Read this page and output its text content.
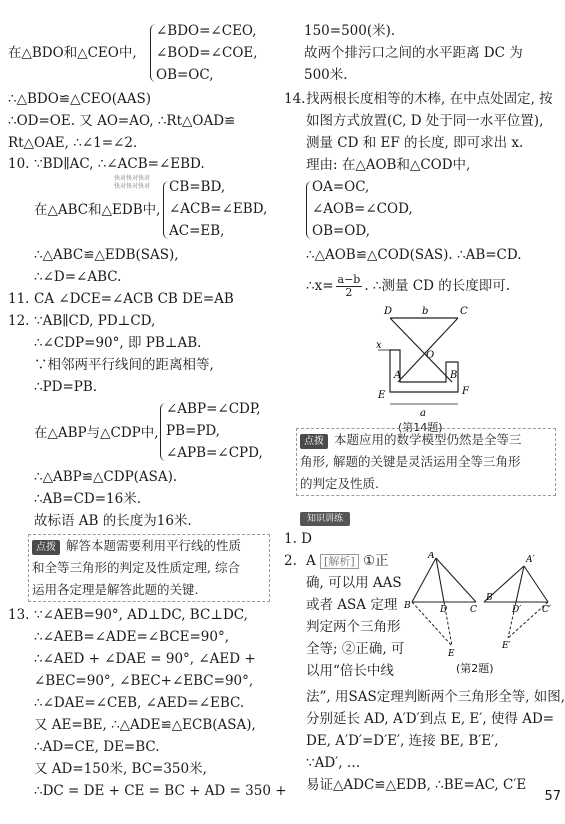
在△BDO和△CEO中,
∠BDO=∠CEO,
∠BOD=∠COE,
OB=OC,
∴△BDO≌△CEO(AAS)
∴OD=OE. 又 AO=AO, ∴Rt△OAD≌
Rt△OAE, ∴∠1=∠2.
10. ∵BD∥AC, ∴∠ACB=∠EBD.
快对快对快对
快对快对快对
在△ABC和△EDB中,
CB=BD,
∠ACB=∠EBD,
AC=EB,
∴△ABC≌△EDB(SAS),
∴∠D=∠ABC.
11. CA ∠DCE=∠ACB CB DE=AB
12. ∵AB∥CD, PD⊥CD,
∴∠CDP=90°, 即 PB⊥AB.
∵相邻两平行线间的距离相等,
∴PD=PB.
在△ABP与△CDP中,
∠ABP=∠CDP,
PB=PD,
∠APB=∠CPD,
∴△ABP≌△CDP(ASA).
∴AB=CD=16米.
故标语 AB 的长度为16米.
点拨 解答本题需要利用平行线的性质
和全等三角形的判定及性质定理, 综合
运用各定理是解答此题的关键.
13. ∵∠AEB=90°, AD⊥DC, BC⊥DC,
∴∠AEB=∠ADE=∠BCE=90°,
∴∠AED + ∠DAE = 90°, ∠AED +
∠BEC=90°, ∠BEC+∠EBC=90°,
∴∠DAE=∠CEB, ∠AED=∠EBC.
又 AE=BE, ∴△ADE≌△ECB(ASA),
∴AD=CE, DE=BC.
又 AD=150米, BC=350米,
∴DC = DE + CE = BC + AD = 350 +
150=500(米).
故两个排污口之间的水平距离 DC 为
500米.
14. 找两根长度相等的木棒, 在中点处固定, 按
如图方式放置(C, D 处于同一水平位置),
测量 CD 和 EF 的长度, 即可求出 x.
理由: 在△AOB和△COD中,
OA=OC,
∠AOB=∠COD,
OB=OD,
∴△AOB≌△COD(SAS). ∴AB=CD.
∴x= $\frac{a-b}{2}$ . ∴测量 CD 的长度即可.
D	b	C
x
O
A	B
E	F
a
(第14题)
点拨 本题应用的数学模型仍然是全等三
角形, 解题的关键是灵活运用全等三角形
的判定及性质.
知识训练
1. D
2. A [解析] ①正
确, 可以用 AAS
或者 ASA 定理
判定两个三角形
全等; ②正确, 可
以用“倍长中线
A	A′
B	D	C
B′
D′ C′
E
E′
(第2题)
法”, 用SAS定理判断两个三角形全等, 如图,
分别延长 AD, A′D′到点 E, E′, 使得 AD=
DE, A′D′=D′E′, 连接 BE, B′E′,
∵AD′, …
易证△ADC≌△EDB, ∴BE=AC, C′E
57
